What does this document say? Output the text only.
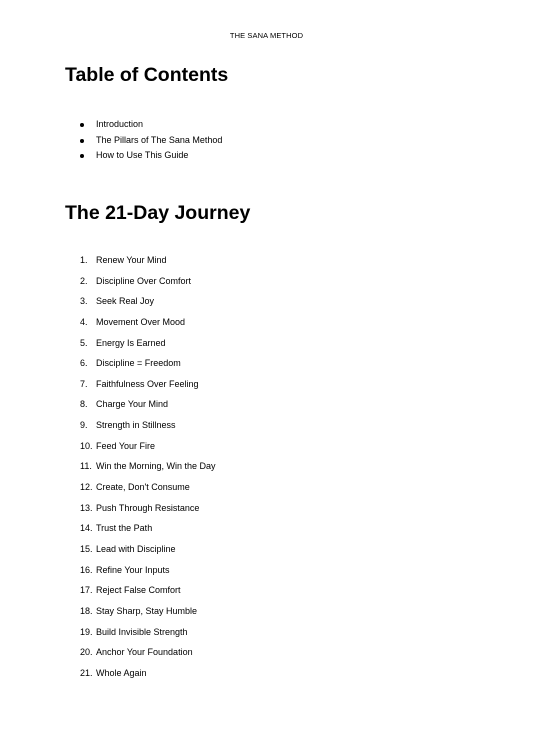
THE SANA METHOD
Table of Contents
Introduction
The Pillars of The Sana Method
How to Use This Guide
The 21-Day Journey
1. Renew Your Mind
2. Discipline Over Comfort
3. Seek Real Joy
4. Movement Over Mood
5. Energy Is Earned
6. Discipline = Freedom
7. Faithfulness Over Feeling
8. Charge Your Mind
9. Strength in Stillness
10. Feed Your Fire
11. Win the Morning, Win the Day
12. Create, Don't Consume
13. Push Through Resistance
14. Trust the Path
15. Lead with Discipline
16. Refine Your Inputs
17. Reject False Comfort
18. Stay Sharp, Stay Humble
19. Build Invisible Strength
20. Anchor Your Foundation
21. Whole Again
